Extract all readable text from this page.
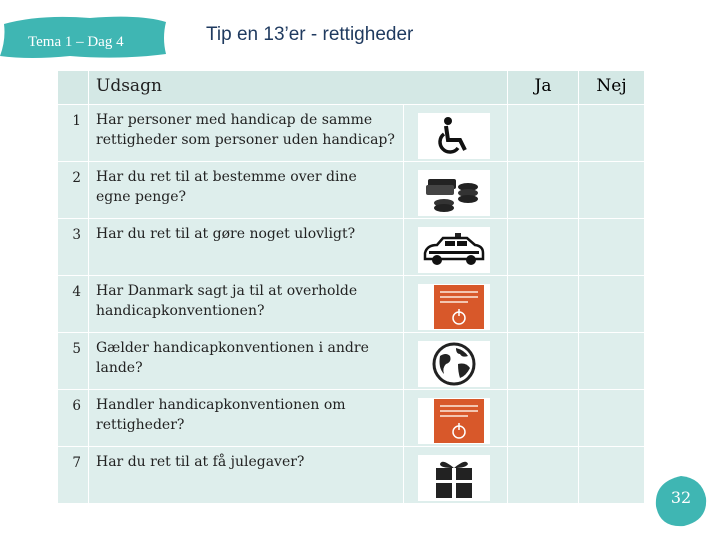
Tema 1 – Dag 4	Tip en 13’er - rettigheder

	Udsagn		Ja	Nej

1	Har personer med handicap de samme rettigheder som personer uden handicap?

2	Har du ret til at bestemme over dine egne penge?

3	Har du ret til at gøre noget ulovligt?

4	Har Danmark sagt ja til at overholde handicapkonventionen?

5	Gælder handicapkonventionen i andre lande?

6	Handler handicapkonventionen om rettigheder?

7	Har du ret til at få julegaver?

32
